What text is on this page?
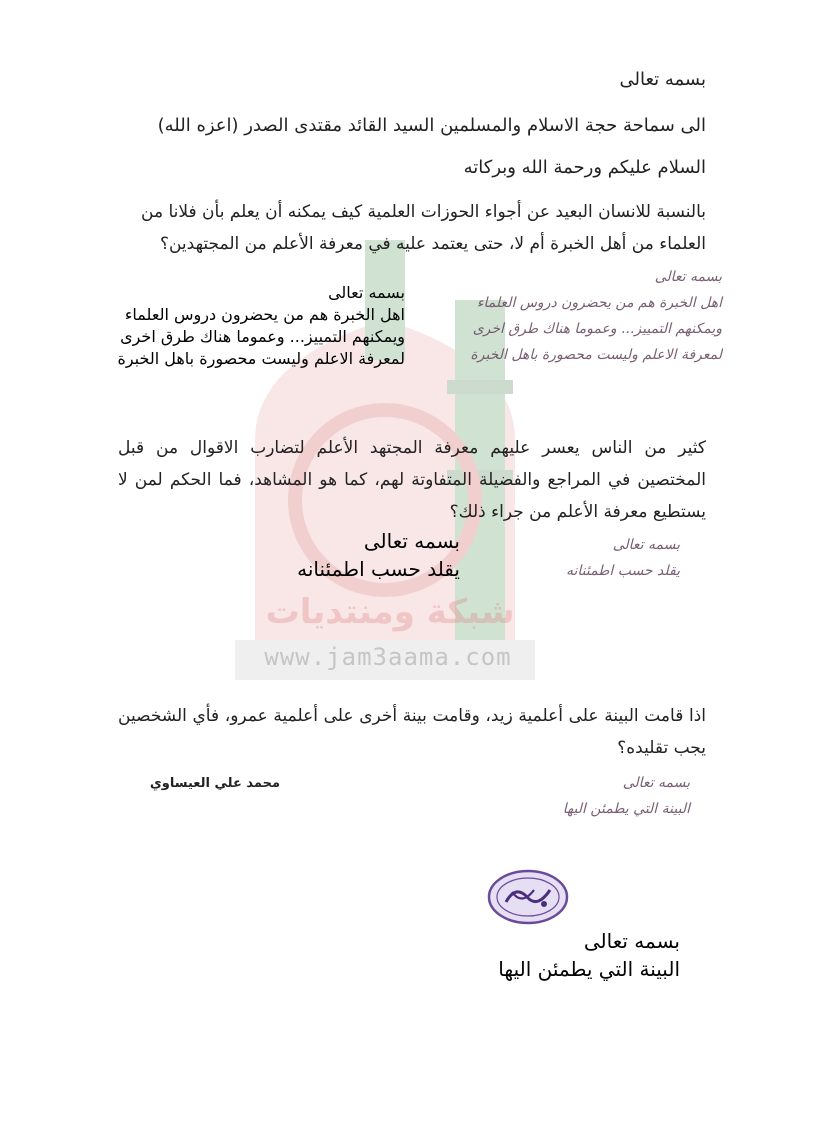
شبكة ومنتديات
www.jam3aama.com

بسمه تعالى

الى سماحة حجة الاسلام والمسلمين السيد القائد مقتدى الصدر (اعزه الله)

السلام عليكم ورحمة الله وبركاته

بالنسبة للانسان البعيد عن أجواء الحوزات العلمية كيف يمكنه أن يعلم بأن فلانا من العلماء من أهل الخبرة أم لا، حتى يعتمد عليه في معرفة الأعلم من المجتهدين؟

بسمه تعالى
اهل الخبرة هم من يحضرون دروس العلماء
ويمكنهم التمييز... وعموما هناك طرق اخرى
لمعرفة الاعلم وليست محصورة باهل الخبرة
بسمه تعالى
اهل الخبرة هم من يحضرون دروس العلماء
ويمكنهم التمييز... وعموما هناك طرق اخرى
لمعرفة الاعلم وليست محصورة باهل الخبرة

كثير من الناس يعسر عليهم معرفة المجتهد الأعلم لتضارب الاقوال من قبل المختصين في المراجع والفضيلة المتفاوتة لهم، كما هو المشاهد، فما الحكم لمن لا يستطيع معرفة الأعلم من جراء ذلك؟

بسمه تعالى
يقلد حسب اطمئنانه
بسمه تعالى
يقلد حسب اطمئنانه

اذا قامت البينة على أعلمية زيد، وقامت بينة أخرى على أعلمية عمرو، فأي الشخصين يجب تقليده؟

محمد علي العيساوي	بسمه تعالى
البينة التي يطمئن اليها
بسمه تعالى
البينة التي يطمئن اليها
